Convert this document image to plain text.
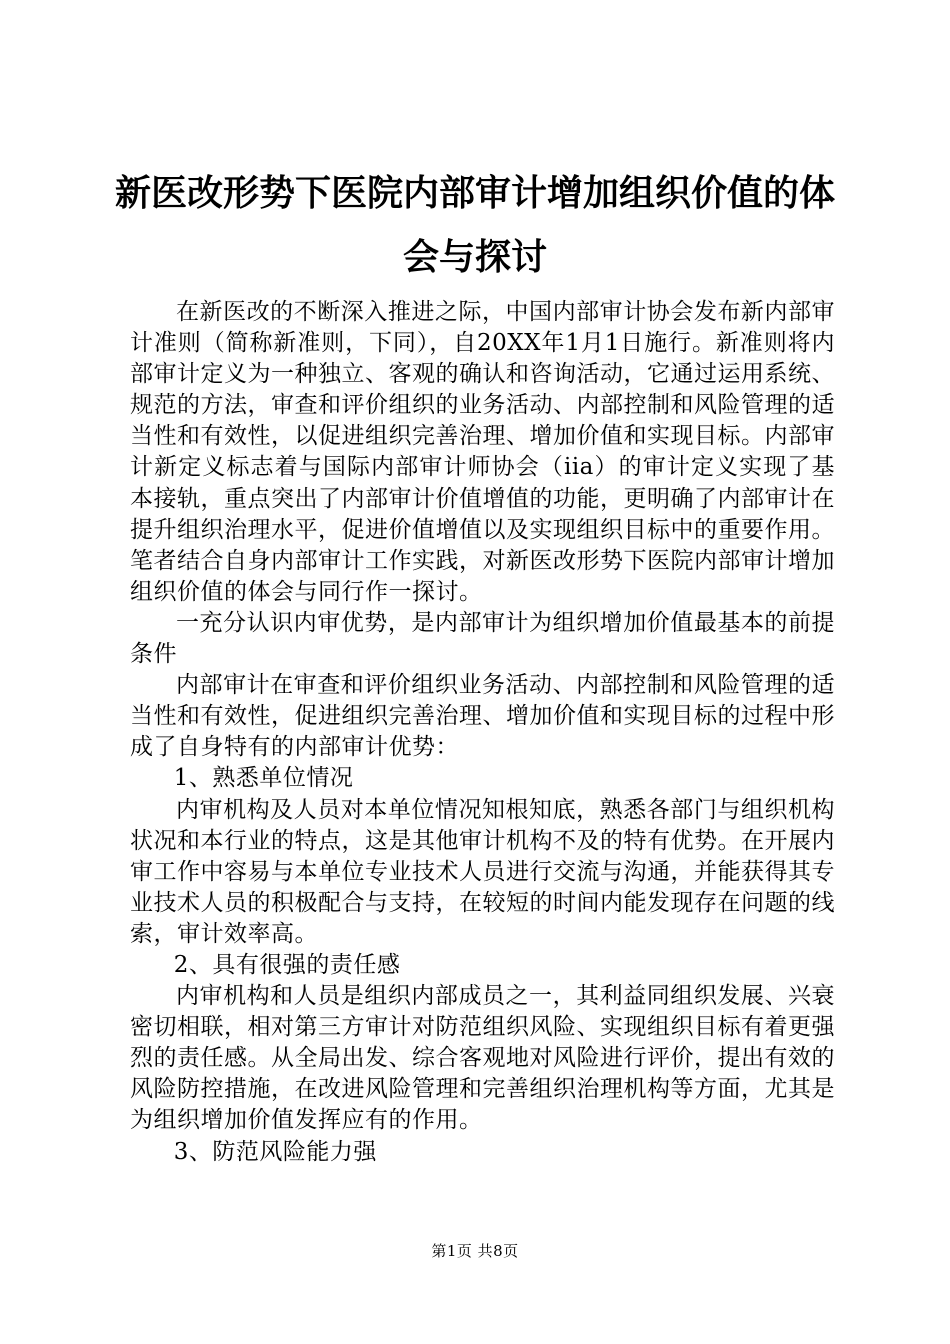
新医改形势下医院内部审计增加组织价值的体会与探讨

在新医改的不断深入推进之际，中国内部审计协会发布新内部审计准则（简称新准则，下同），自20XX年1月1日施行。新准则将内部审计定义为一种独立、客观的确认和咨询活动，它通过运用系统、规范的方法，审查和评价组织的业务活动、内部控制和风险管理的适当性和有效性，以促进组织完善治理、增加价值和实现目标。内部审计新定义标志着与国际内部审计师协会（iia）的审计定义实现了基本接轨，重点突出了内部审计价值增值的功能，更明确了内部审计在提升组织治理水平，促进价值增值以及实现组织目标中的重要作用。笔者结合自身内部审计工作实践，对新医改形势下医院内部审计增加组织价值的体会与同行作一探讨。

一充分认识内审优势，是内部审计为组织增加价值最基本的前提条件

内部审计在审查和评价组织业务活动、内部控制和风险管理的适当性和有效性，促进组织完善治理、增加价值和实现目标的过程中形成了自身特有的内部审计优势：

1、熟悉单位情况

内审机构及人员对本单位情况知根知底，熟悉各部门与组织机构状况和本行业的特点，这是其他审计机构不及的特有优势。在开展内审工作中容易与本单位专业技术人员进行交流与沟通，并能获得其专业技术人员的积极配合与支持，在较短的时间内能发现存在问题的线索，审计效率高。

2、具有很强的责任感

内审机构和人员是组织内部成员之一，其利益同组织发展、兴衰密切相联，相对第三方审计对防范组织风险、实现组织目标有着更强烈的责任感。从全局出发、综合客观地对风险进行评价，提出有效的风险防控措施，在改进风险管理和完善组织治理机构等方面，尤其是为组织增加价值发挥应有的作用。

3、防范风险能力强

第1页 共8页
